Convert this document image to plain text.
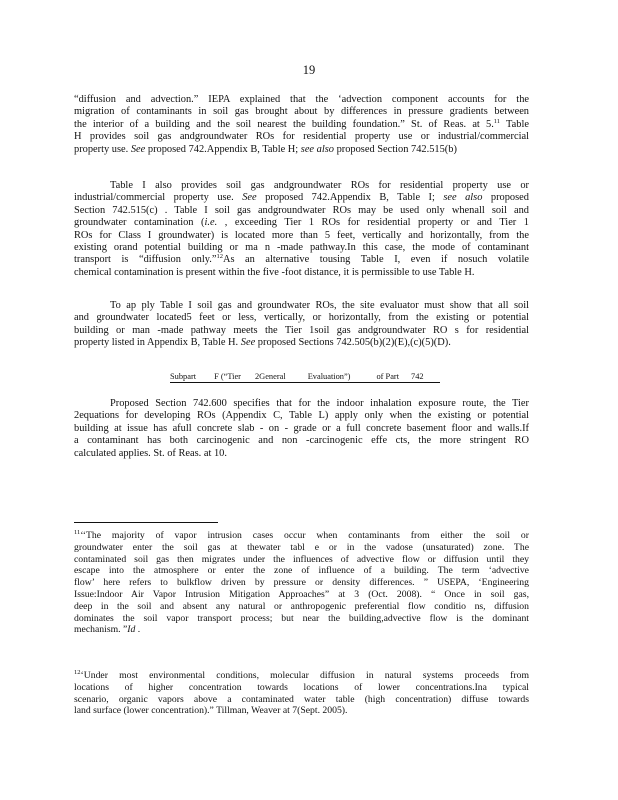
19
“diffusion and advection.” IEPA explained that the ‘advection component accounts for the
migration of contaminants in soil gas brought about by differences in pressure gradients between
the interior of a building and the soil nearest the building foundation.” St. of Reas. at 5.11 Table
H provides soil gas andgroundwater ROs for residential property use or industrial/commercial
property use. See proposed 742.Appendix B, Table H; see also proposed Section 742.515(b)
Table I also provides soil gas andgroundwater ROs for residential property use or
industrial/commercial property use. See proposed 742.Appendix B, Table I; see also proposed
Section 742.515(c) . Table I soil gas andgroundwater ROs may be used only whenall soil and
groundwater contamination (i.e. , exceeding Tier 1 ROs for residential property or and Tier 1
ROs for Class I groundwater) is located more than 5 feet, vertically and horizontally, from the
existing orand potential building or ma n -made pathway.In this case, the mode of contaminant
transport is “diffusion only.”$^{12}$As an alternative tousing Table I, even if nosuch volatile
chemical contamination is present within the five -foot distance, it is permissible to use Table H.
To ap ply Table I soil gas and groundwater ROs, the site evaluator must show that all soil
and groundwater located5 feet or less, vertically, or horizontally, from the existing or potential
building or man -made pathway meets the Tier 1soil gas andgroundwater RO s for residential
property listed in Appendix B, Table H. See proposed Sections 742.505(b)(2)(E),(c)(5)(D).
Subpart F (“Tier 2General	Evaluation”)	of Part 742
Proposed Section 742.600 specifies that for the indoor inhalation exposure route, the Tier
2equations for developing ROs (Appendix C, Table L) apply only when the existing or potential
building at issue has afull concrete slab - on - grade or a full concrete basement floor and walls.If
a contaminant has both carcinogenic and non -carcinogenic effe cts, the more stringent RO
calculated applies. St. of Reas. at 10.
$^{11}$‘‘The majority of vapor intrusion cases occur when contaminants from either the soil or
groundwater enter the soil gas at thewater tabl e or in the vadose (unsaturated) zone. The
contaminated soil gas then migrates under the influences of advective flow or diffusion until they
escape into the atmosphere or enter the zone of influence of a building. The term ‘advective
flow’ here refers to bulkflow driven by pressure or density differences. ” USEPA, ‘Engineering
Issue:Indoor Air Vapor Intrusion Mitigation Approaches” at 3 (Oct. 2008). “ Once in soil gas,
deep in the soil and absent any natural or anthropogenic preferential flow conditio ns, diffusion
dominates the soil vapor transport process; but near the building,advective flow is the dominant
mechanism. ”Id .
$^{12}$‘Under most environmental conditions, molecular diffusion in natural systems proceeds from
locations of higher concentration towards locations of lower concentrations.Ina typical
scenario, organic vapors above a contaminated water table (high concentration) diffuse towards
land surface (lower concentration).” Tillman, Weaver at 7(Sept. 2005).
